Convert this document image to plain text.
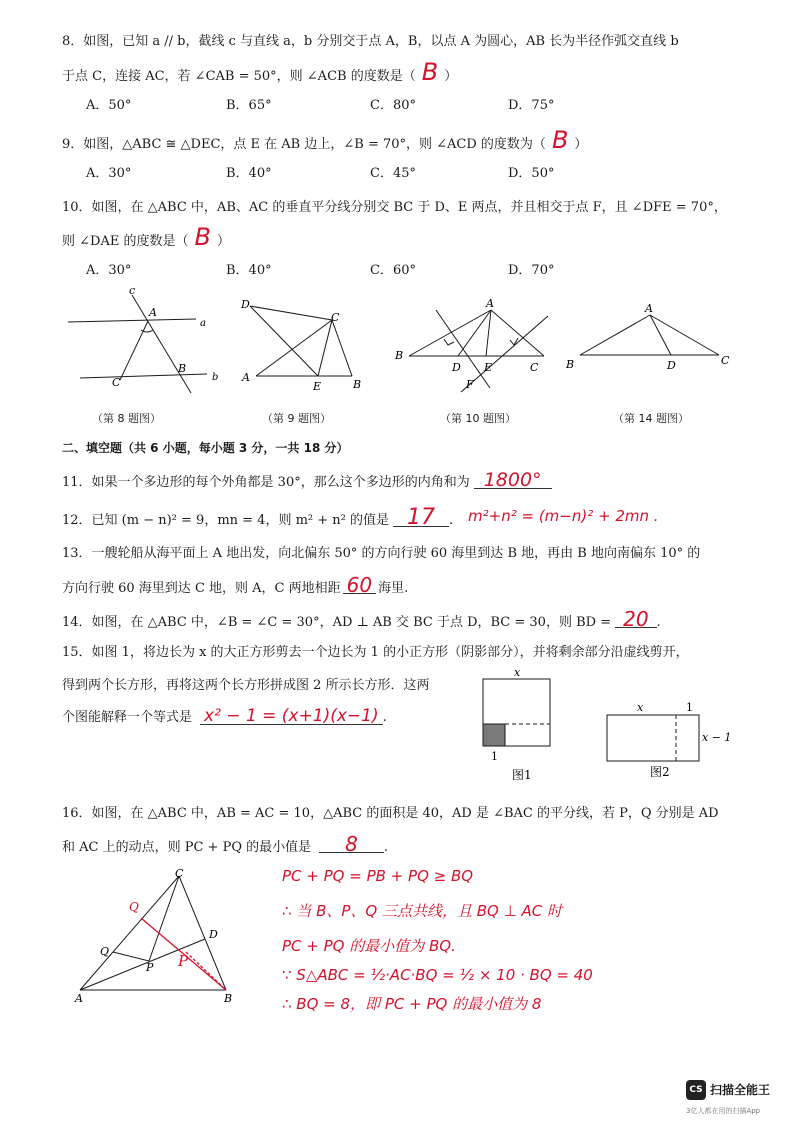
8．如图，已知 a // b，截线 c 与直线 a，b 分别交于点 A，B，以点 A 为圆心，AB 长为半径作弧交直线 b
于点 C，连接 AC，若 ∠CAB = 50°，则 ∠ACB 的度数是（ B ）
A．50°	B．65°	C．80°	D．75°
9．如图，△ABC ≅ △DEC，点 E 在 AB 边上，∠B = 70°，则 ∠ACD 的度数为（ B ）
A．30°	B．40°	C．45°	D．50°
10．如图，在 △ABC 中，AB、AC 的垂直平分线分别交 BC 于 D、E 两点，并且相交于点 F，且 ∠DFE = 70°，
则 ∠DAE 的度数是（ B ）
A．30°	B．40°	C．60°	D．70°
c
a
b
A
B
C
（第 8 题图）
D
C
A
E	B
（第 9 题图）
A
B
D E	C
F
（第 10 题图）
A
B	D	C
（第 14 题图）
二、填空题（共 6 小题，每小题 3 分，一共 18 分）
11．如果一个多边形的每个外角都是 30°，那么这个多边形的内角和为 1800°
12．已知 (m − n)² = 9，mn = 4，则 m² + n² 的值是 17 . m²+n² = (m−n)² + 2mn .
13．一艘轮船从海平面上 A 地出发，向北偏东 50° 的方向行驶 60 海里到达 B 地，再由 B 地向南偏东 10° 的
方向行驶 60 海里到达 C 地，则 A，C 两地相距 60 海里.
14．如图，在 △ABC 中，∠B = ∠C = 30°，AD ⊥ AB 交 BC 于点 D，BC = 30，则 BD = 20 .
15．如图 1，将边长为 x 的大正方形剪去一个边长为 1 的小正方形（阴影部分），并将剩余部分沿虚线剪开，
得到两个长方形，再将这两个长方形拼成图 2 所示长方形．这两
个图能解释一个等式是 x² − 1 = (x+1)(x−1) .
x
1
图1
x	1
x − 1
图2
16．如图，在 △ABC 中，AB = AC = 10，△ABC 的面积是 40，AD 是 ∠BAC 的平分线，若 P，Q 分别是 AD
和 AC 上的动点，则 PC + PQ 的最小值是 8 .
C
Q
Q
D
P P
A	B
PC + PQ = PB + PQ ≥ BQ
∴ 当 B、P、Q 三点共线，且 BQ ⊥ AC 时
PC + PQ 的最小值为 BQ.
∵ S△ABC = ½·AC·BQ = ½ × 10 · BQ = 40
∴ BQ = 8，即 PC + PQ 的最小值为 8
CS 扫描全能王
3亿人都在用的扫描App
